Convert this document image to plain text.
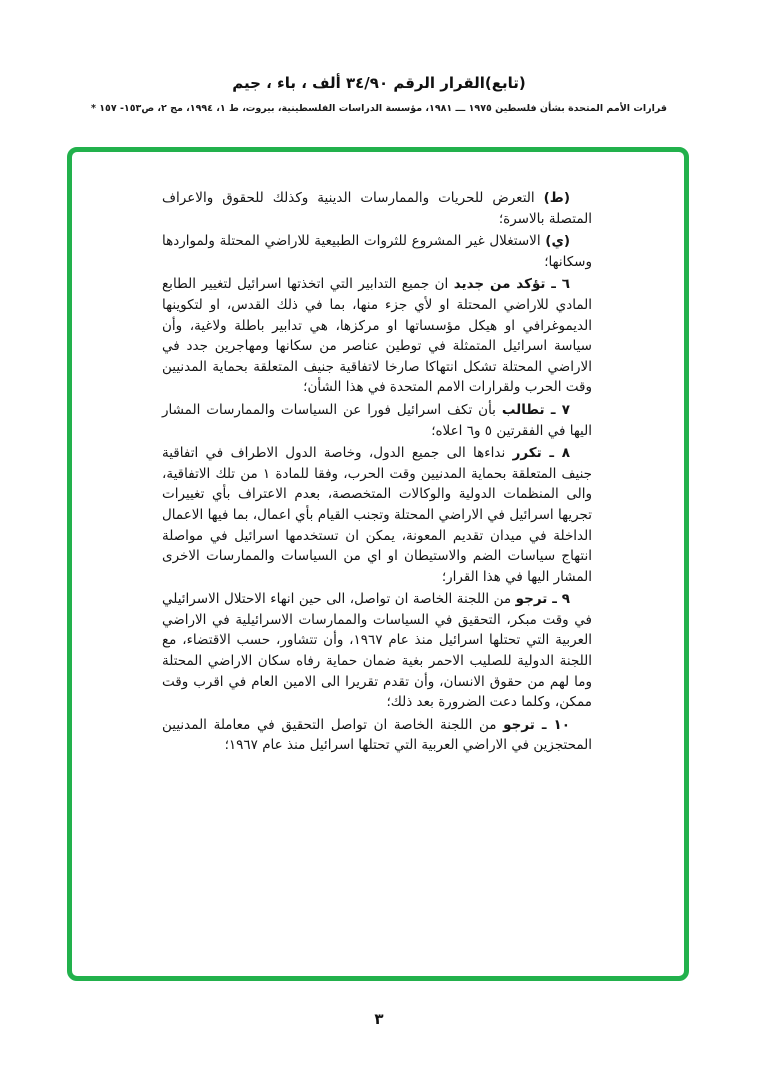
(تابع)القرار الرقم ٣٤/٩٠ ألف ، باء ، جيم
قرارات الأمم المتحدة بشأن فلسطين ١٩٧٥ ـــ ١٩٨١، مؤسسة الدراسات الفلسطينية، بيروت، ط ١، ١٩٩٤، مج ٢، ص١٥٣- ١٥٧ *

(ط) التعرض للحريات والممارسات الدينية وكذلك للحقوق والاعراف المتصلة بالاسرة؛

(ي) الاستغلال غير المشروع للثروات الطبيعية للاراضي المحتلة ولمواردها وسكانها؛

٦ ـ تؤكد من جديد ان جميع التدابير التي اتخذتها اسرائيل لتغيير الطابع المادي للاراضي المحتلة او لأي جزء منها، بما في ذلك القدس، او لتكوينها الديموغرافي او هيكل مؤسساتها او مركزها، هي تدابير باطلة ولاغية، وأن سياسة اسرائيل المتمثلة في توطين عناصر من سكانها ومهاجرين جدد في الاراضي المحتلة تشكل انتهاكا صارخا لاتفاقية جنيف المتعلقة بحماية المدنيين وقت الحرب ولقرارات الامم المتحدة في هذا الشأن؛

٧ ـ تطالب بأن تكف اسرائيل فورا عن السياسات والممارسات المشار اليها في الفقرتين ٥ و٦ اعلاه؛

٨ ـ تكرر نداءها الى جميع الدول، وخاصة الدول الاطراف في اتفاقية جنيف المتعلقة بحماية المدنيين وقت الحرب، وفقا للمادة ١ من تلك الاتفاقية، والى المنظمات الدولية والوكالات المتخصصة، بعدم الاعتراف بأي تغييرات تجريها اسرائيل في الاراضي المحتلة وتجنب القيام بأي اعمال، بما فيها الاعمال الداخلة في ميدان تقديم المعونة، يمكن ان تستخدمها اسرائيل في مواصلة انتهاج سياسات الضم والاستيطان او اي من السياسات والممارسات الاخرى المشار اليها في هذا القرار؛

٩ ـ ترجو من اللجنة الخاصة ان تواصل، الى حين انهاء الاحتلال الاسرائيلي في وقت مبكر، التحقيق في السياسات والممارسات الاسرائيلية في الاراضي العربية التي تحتلها اسرائيل منذ عام ١٩٦٧، وأن تتشاور، حسب الاقتضاء، مع اللجنة الدولية للصليب الاحمر بغية ضمان حماية رفاه سكان الاراضي المحتلة وما لهم من حقوق الانسان، وأن تقدم تقريرا الى الامين العام في اقرب وقت ممكن، وكلما دعت الضرورة بعد ذلك؛

١٠ ـ ترجو من اللجنة الخاصة ان تواصل التحقيق في معاملة المدنيين المحتجزين في الاراضي العربية التي تحتلها اسرائيل منذ عام ١٩٦٧؛

٣
